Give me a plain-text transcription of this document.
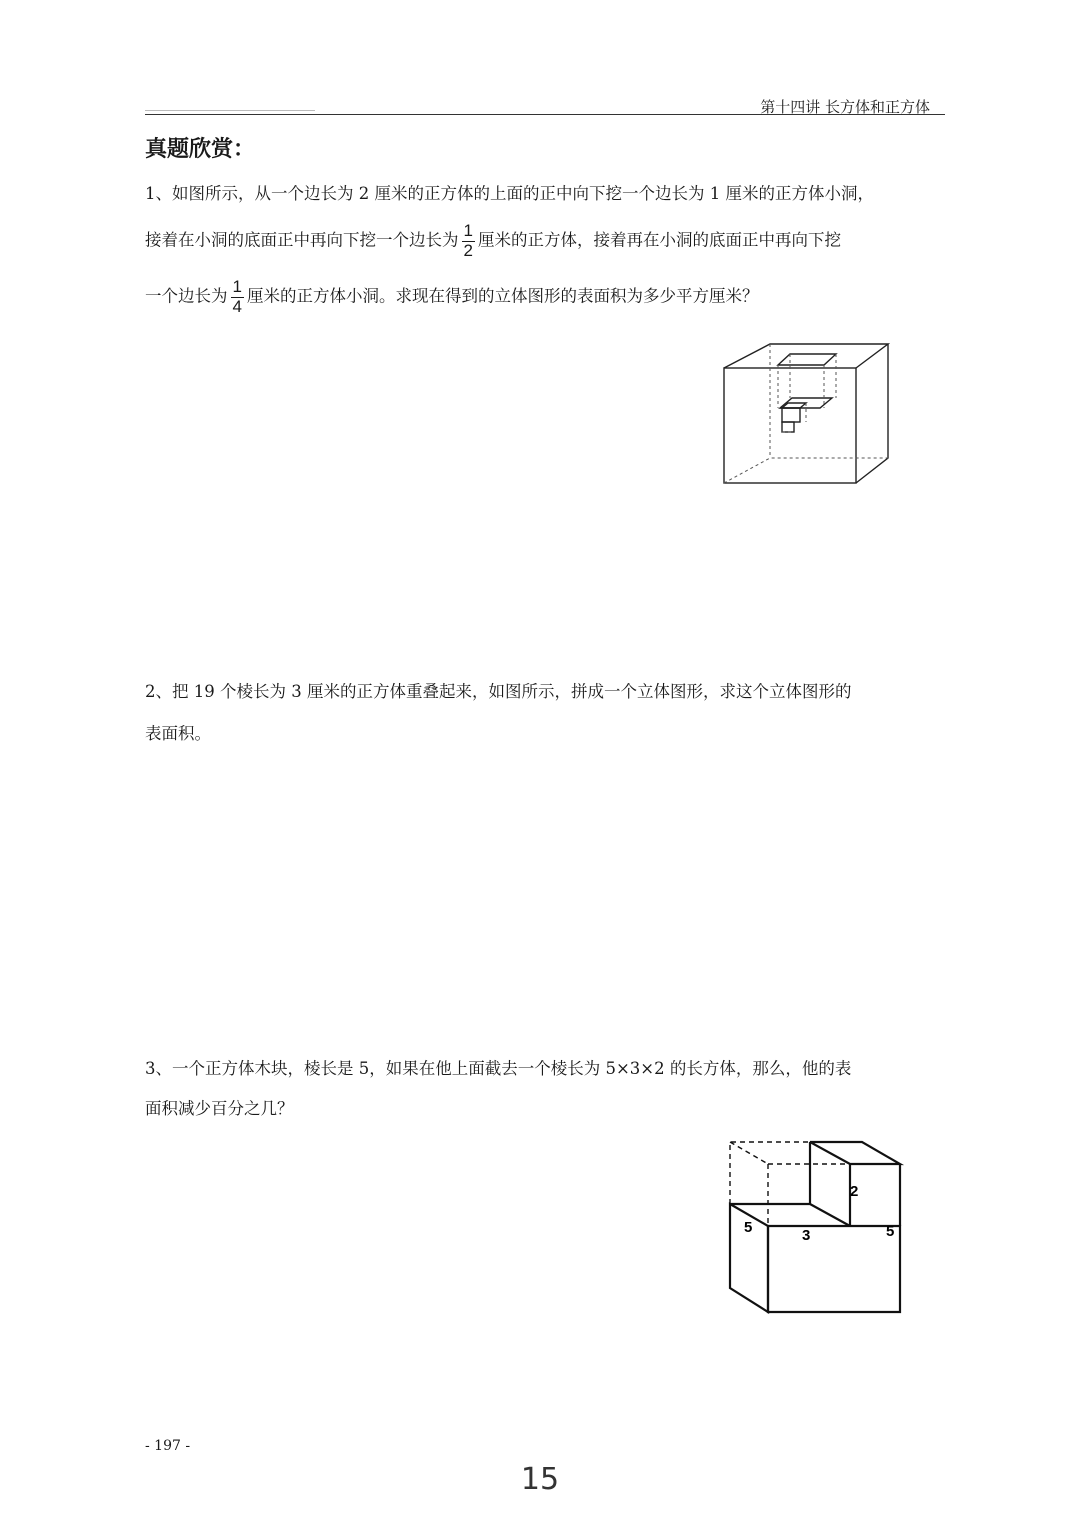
第十四讲 长方体和正方体
真题欣赏：
1、如图所示，从一个边长为 2 厘米的正方体的上面的正中向下挖一个边长为 1 厘米的正方体小洞，
接着在小洞的底面正中再向下挖一个边长为 $\frac{1}{2}$ 厘米的正方体，接着再在小洞的底面正中再向下挖
一个边长为 $\frac{1}{4}$ 厘米的正方体小洞。求现在得到的立体图形的表面积为多少平方厘米？
2、把 19 个棱长为 3 厘米的正方体重叠起来，如图所示，拼成一个立体图形，求这个立体图形的
表面积。
3、一个正方体木块，棱长是 5，如果在他上面截去一个棱长为 5×3×2 的长方体，那么，他的表
面积减少百分之几？
2
5	3	5
- 197 -
15
